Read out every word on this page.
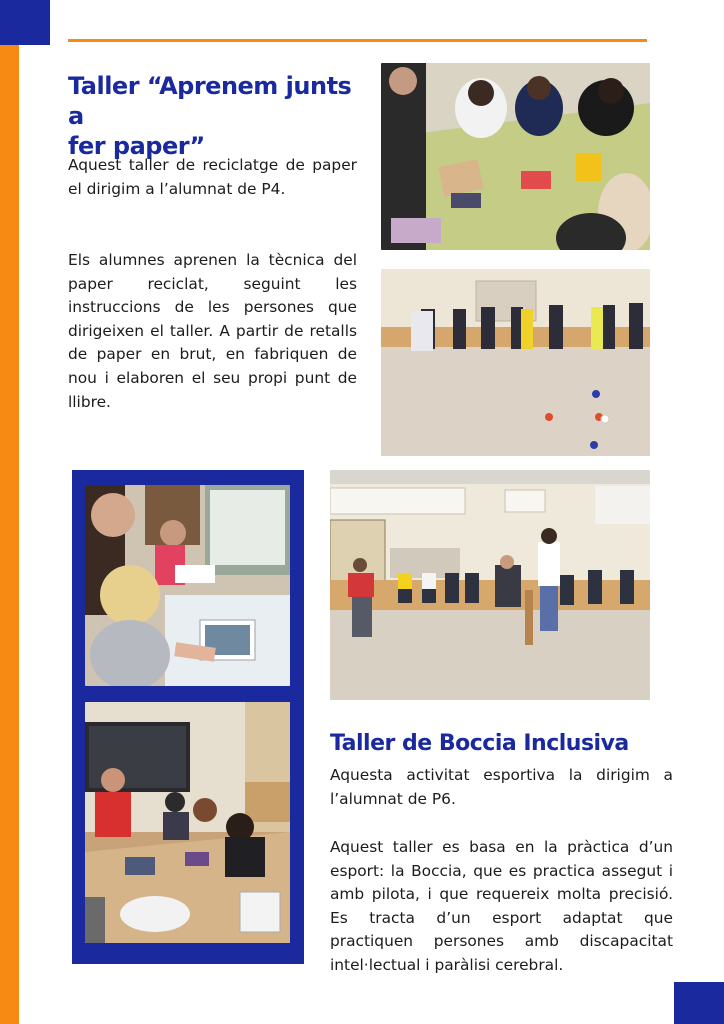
Taller “Aprenem junts a
fer paper”

Aquest taller de reciclatge de paper el dirigim a l’alumnat de P4.

Els alumnes aprenen la tècnica del paper reciclat, seguint les instruccions de les persones que dirigeixen el taller. A partir de retalls de paper en brut, en fabriquen de nou i elaboren el seu propi punt de llibre.

Taller de Boccia Inclusiva

Aquesta activitat esportiva la dirigim a l’alumnat de P6.

Aquest taller es basa en la pràctica d’un esport: la Boccia, que es practica assegut i amb pilota, i que requereix molta precisió. Es tracta d’un esport adaptat que practiquen persones amb discapacitat intel·lectual i paràlisi cerebral.
